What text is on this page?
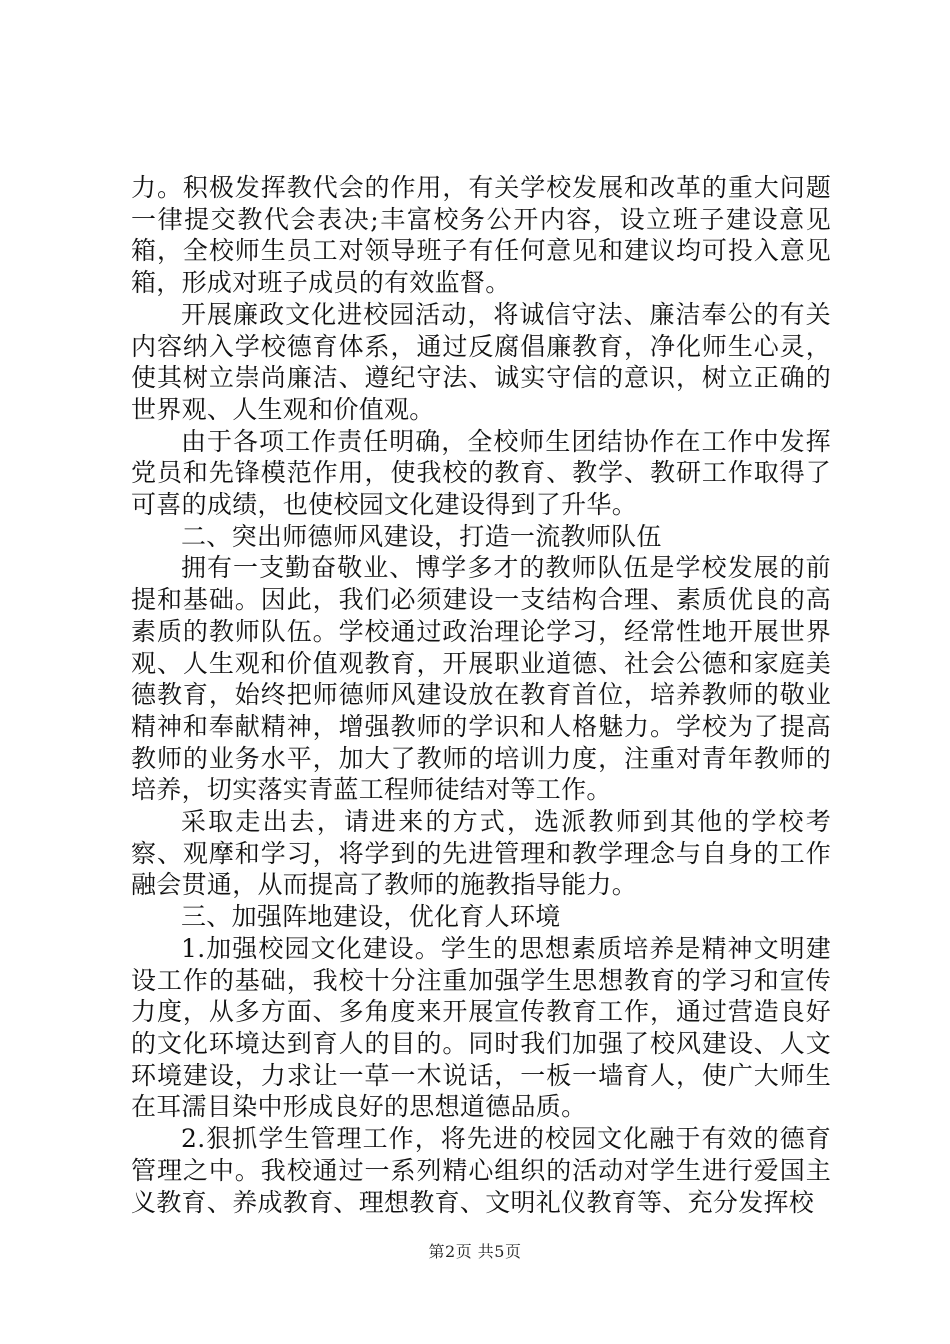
力。积极发挥教代会的作用，有关学校发展和改革的重大问题一律提交教代会表决;丰富校务公开内容，设立班子建设意见箱，全校师生员工对领导班子有任何意见和建议均可投入意见箱，形成对班子成员的有效监督。

开展廉政文化进校园活动，将诚信守法、廉洁奉公的有关内容纳入学校德育体系，通过反腐倡廉教育，净化师生心灵，使其树立崇尚廉洁、遵纪守法、诚实守信的意识，树立正确的世界观、人生观和价值观。

由于各项工作责任明确，全校师生团结协作在工作中发挥党员和先锋模范作用，使我校的教育、教学、教研工作取得了可喜的成绩，也使校园文化建设得到了升华。

二、突出师德师风建设，打造一流教师队伍

拥有一支勤奋敬业、博学多才的教师队伍是学校发展的前提和基础。因此，我们必须建设一支结构合理、素质优良的高素质的教师队伍。学校通过政治理论学习，经常性地开展世界观、人生观和价值观教育，开展职业道德、社会公德和家庭美德教育，始终把师德师风建设放在教育首位，培养教师的敬业精神和奉献精神，增强教师的学识和人格魅力。学校为了提高教师的业务水平，加大了教师的培训力度，注重对青年教师的培养，切实落实青蓝工程师徒结对等工作。

采取走出去，请进来的方式，选派教师到其他的学校考察、观摩和学习，将学到的先进管理和教学理念与自身的工作融会贯通，从而提高了教师的施教指导能力。

三、加强阵地建设，优化育人环境

1.加强校园文化建设。学生的思想素质培养是精神文明建设工作的基础，我校十分注重加强学生思想教育的学习和宣传力度，从多方面、多角度来开展宣传教育工作，通过营造良好的文化环境达到育人的目的。同时我们加强了校风建设、人文环境建设，力求让一草一木说话，一板一墙育人，使广大师生在耳濡目染中形成良好的思想道德品质。

2.狠抓学生管理工作，将先进的校园文化融于有效的德育管理之中。我校通过一系列精心组织的活动对学生进行爱国主义教育、养成教育、理想教育、文明礼仪教育等、充分发挥校

第2页 共5页
